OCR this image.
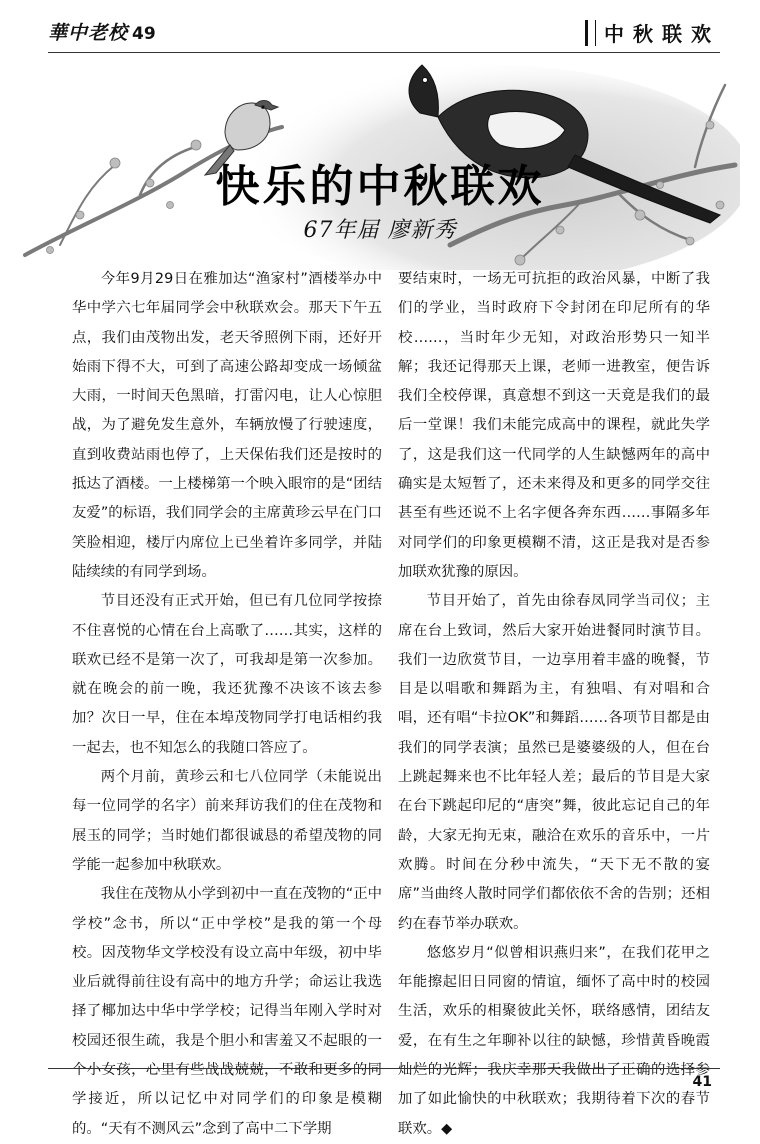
華中老校 49	中秋联欢
快乐的中秋联欢
67年届 廖新秀

今年9月29日在雅加达“渔家村”酒楼举办中华中学六七年届同学会中秋联欢会。那天下午五点，我们由茂物出发，老天爷照例下雨，还好开始雨下得不大，可到了高速公路却变成一场倾盆大雨，一时间天色黑暗，打雷闪电，让人心惊胆战，为了避免发生意外，车辆放慢了行驶速度，直到收费站雨也停了，上天保佑我们还是按时的抵达了酒楼。一上楼梯第一个映入眼帘的是“团结友爱”的标语，我们同学会的主席黄珍云早在门口笑脸相迎，楼厅内席位上已坐着许多同学，并陆陆续续的有同学到场。

节目还没有正式开始，但已有几位同学按捺不住喜悦的心情在台上高歌了……其实，这样的联欢已经不是第一次了，可我却是第一次参加。就在晚会的前一晚，我还犹豫不决该不该去参加？次日一早，住在本埠茂物同学打电话相约我一起去，也不知怎么的我随口答应了。

两个月前，黄珍云和七八位同学（未能说出每一位同学的名字）前来拜访我们的住在茂物和展玉的同学；当时她们都很诚恳的希望茂物的同学能一起参加中秋联欢。

我住在茂物从小学到初中一直在茂物的“正中学校”念书，所以“正中学校”是我的第一个母校。因茂物华文学校没有设立高中年级，初中毕业后就得前往设有高中的地方升学；命运让我选择了椰加达中华中学学校；记得当年刚入学时对校园还很生疏，我是个胆小和害羞又不起眼的一个小女孩，心里有些战战兢兢，不敢和更多的同学接近，所以记忆中对同学们的印象是模糊的。“天有不测风云”念到了高中二下学期

要结束时，一场无可抗拒的政治风暴，中断了我们的学业，当时政府下令封闭在印尼所有的华校……，当时年少无知，对政治形势只一知半解；我还记得那天上课，老师一进教室，便告诉我们全校停课，真意想不到这一天竟是我们的最后一堂课！我们未能完成高中的课程，就此失学了，这是我们这一代同学的人生缺憾两年的高中确实是太短暂了，还未来得及和更多的同学交往甚至有些还说不上名字便各奔东西……事隔多年对同学们的印象更模糊不清，这正是我对是否参加联欢犹豫的原因。

节目开始了，首先由徐春凤同学当司仪；主席在台上致词，然后大家开始进餐同时演节目。我们一边欣赏节目，一边享用着丰盛的晚餐，节目是以唱歌和舞蹈为主，有独唱、有对唱和合唱，还有唱“卡拉OK”和舞蹈……各项节目都是由我们的同学表演；虽然已是婆婆级的人，但在台上跳起舞来也不比年轻人差；最后的节目是大家在台下跳起印尼的“唐突”舞，彼此忘记自己的年龄，大家无拘无束，融洽在欢乐的音乐中，一片欢腾。时间在分秒中流失，“天下无不散的宴席”当曲终人散时同学们都依依不舍的告别；还相约在春节举办联欢。

悠悠岁月“似曾相识燕归来”，在我们花甲之年能擦起旧日同窗的情谊，缅怀了高中时的校园生活，欢乐的相聚彼此关怀，联络感情，团结友爱，在有生之年聊补以往的缺憾，珍惜黄昏晚霞灿烂的光辉；我庆幸那天我做出了正确的选择参加了如此愉快的中秋联欢；我期待着下次的春节联欢。◆

41
